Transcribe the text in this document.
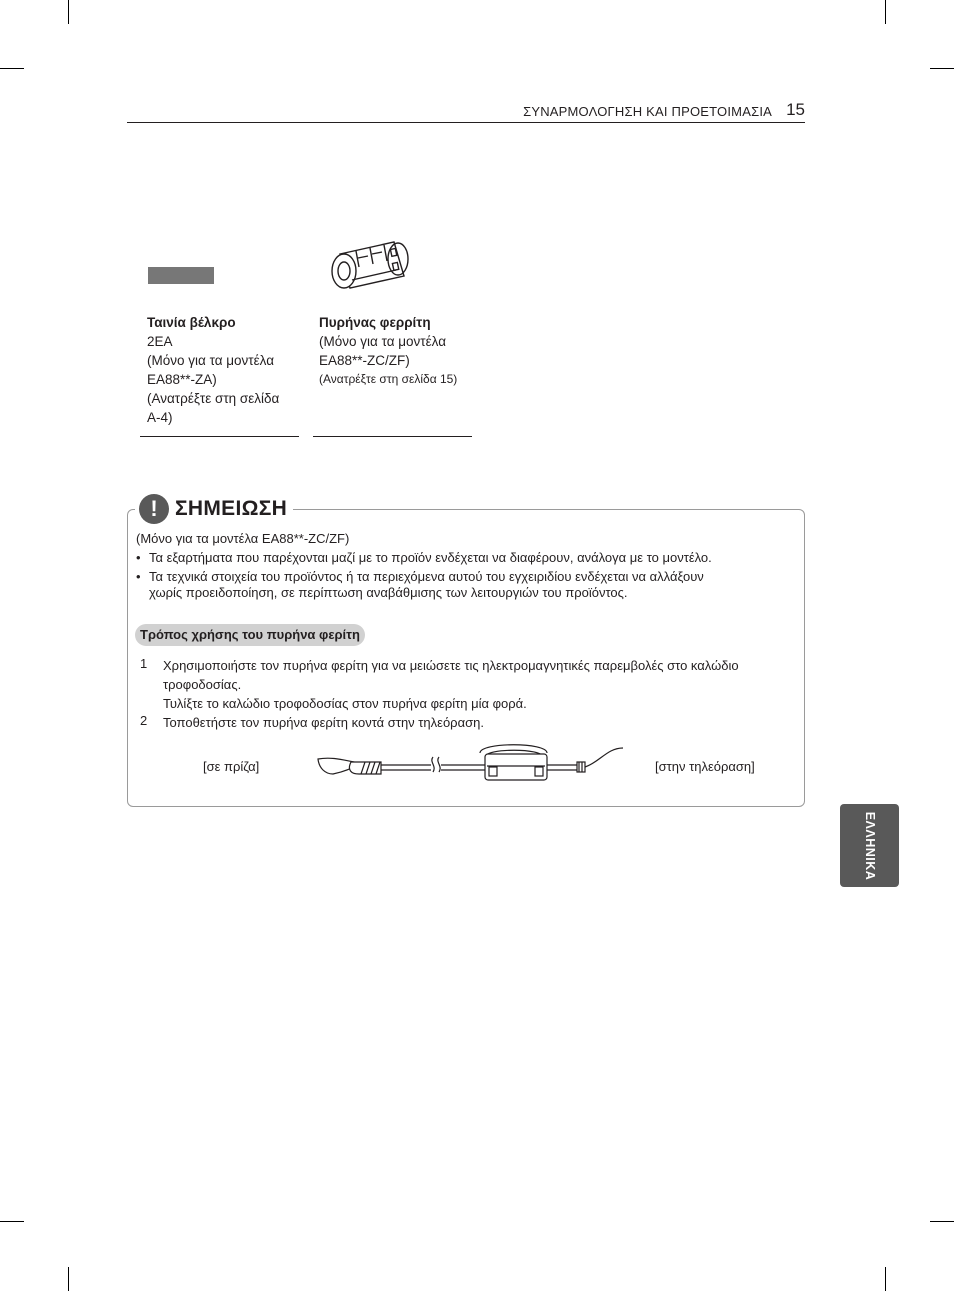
ΣΥΝΑΡΜΟΛΟΓΗΣΗ ΚΑΙ ΠΡΟΕΤΟΙΜΑΣΙΑ 15
Ταινία βέλκρο
2EA
(Μόνο για τα μοντέλα
EA88**-ZA)
(Ανατρέξτε στη σελίδα
A-4)
Πυρήνας φερρίτη
(Μόνο για τα μοντέλα
EA88**-ZC/ZF)
(Ανατρέξτε στη σελίδα 15)
! ΣΗΜΕΙΩΣΗ
(Μόνο για τα μοντέλα EA88**-ZC/ZF)
• Τα εξαρτήματα που παρέχονται μαζί με το προϊόν ενδέχεται να διαφέρουν, ανάλογα με το μοντέλο.
• Τα τεχνικά στοιχεία του προϊόντος ή τα περιεχόμενα αυτού του εγχειριδίου ενδέχεται να αλλάξουν
χωρίς προειδοποίηση, σε περίπτωση αναβάθμισης των λειτουργιών του προϊόντος.
Τρόπος χρήσης του πυρήνα φερίτη
1 Χρησιμοποιήστε τον πυρήνα φερίτη για να μειώσετε τις ηλεκτρομαγνητικές παρεμβολές στο καλώδιο
τροφοδοσίας.
Τυλίξτε το καλώδιο τροφοδοσίας στον πυρήνα φερίτη μία φορά.
2 Τοποθετήστε τον πυρήνα φερίτη κοντά στην τηλεόραση.
[σε πρίζα]	[στην τηλεόραση]
ΕΛΛΗΝΙΚΑ
